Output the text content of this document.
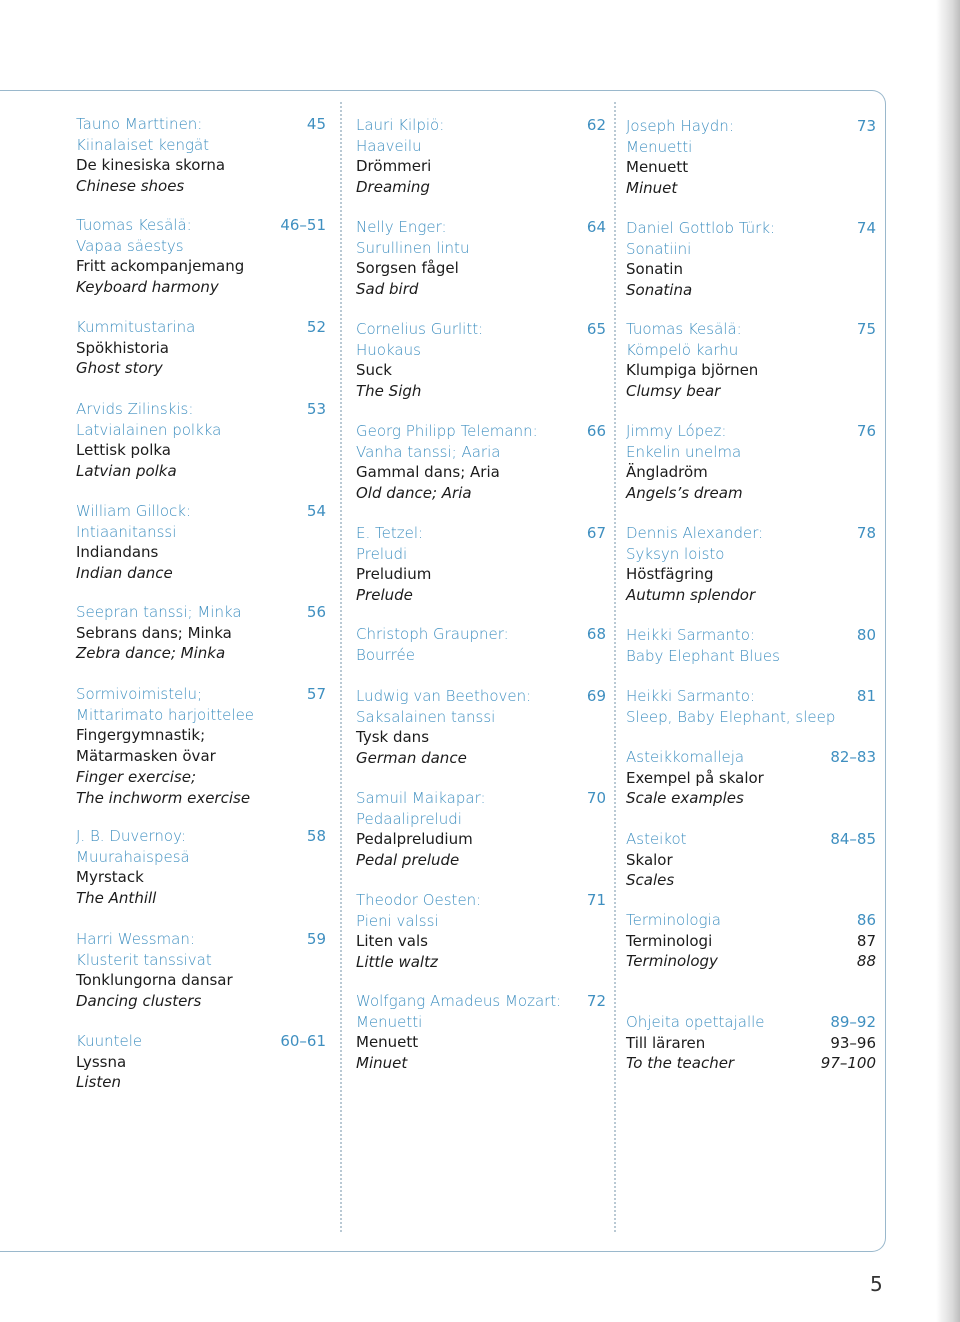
Tauno Marttinen:
Kiinalaiset kengät
De kinesiska skorna
Chinese shoes
45
Tuomas Kesälä:
Vapaa säestys
Fritt ackompanjemang
Keyboard harmony
46–51
Kummitustarina
Spökhistoria
Ghost story
52
Arvids Zilinskis:
Latvialainen polkka
Lettisk polka
Latvian polka
53
William Gillock:
Intiaanitanssi
Indiandans
Indian dance
54
Seepran tanssi; Minka
Sebrans dans; Minka
Zebra dance; Minka
56
Sormivoimistelu;
Mittarimato harjoittelee
Fingergymnastik;
Mätarmasken övar
Finger exercise;
The inchworm exercise
57
J. B. Duvernoy:
Muurahaispesä
Myrstack
The Anthill
58
Harri Wessman:
Klusterit tanssivat
Tonklungorna dansar
Dancing clusters
59
Kuuntele
Lyssna
Listen
60–61
Lauri Kilpiö:
Haaveilu
Drömmeri
Dreaming
62
Nelly Enger:
Surullinen lintu
Sorgsen fågel
Sad bird
64
Cornelius Gurlitt:
Huokaus
Suck
The Sigh
65
Georg Philipp Telemann:
Vanha tanssi; Aaria
Gammal dans; Aria
Old dance; Aria
66
E. Tetzel:
Preludi
Preludium
Prelude
67
Christoph Graupner:
Bourrée
68
Ludwig van Beethoven:
Saksalainen tanssi
Tysk dans
German dance
69
Samuil Maikapar:
Pedaalipreludi
Pedalpreludium
Pedal prelude
70
Theodor Oesten:
Pieni valssi
Liten vals
Little waltz
71
Wolfgang Amadeus Mozart:
Menuetti
Menuett
Minuet
72
Joseph Haydn:
Menuetti
Menuett
Minuet
73
Daniel Gottlob Türk:
Sonatiini
Sonatin
Sonatina
74
Tuomas Kesälä:
Kömpelö karhu
Klumpiga björnen
Clumsy bear
75
Jimmy López:
Enkelin unelma
Ängladröm
Angels’s dream
76
Dennis Alexander:
Syksyn loisto
Höstfägring
Autumn splendor
78
Heikki Sarmanto:
Baby Elephant Blues
80
Heikki Sarmanto:
Sleep, Baby Elephant, sleep
81
Asteikkomalleja
Exempel på skalor
Scale examples
82–83
Asteikot
Skalor
Scales
84–85
Terminologia
Terminologi
Terminology
86
87
88
Ohjeita opettajalle
Till läraren
To the teacher
89–92
93–96
97–100
5
